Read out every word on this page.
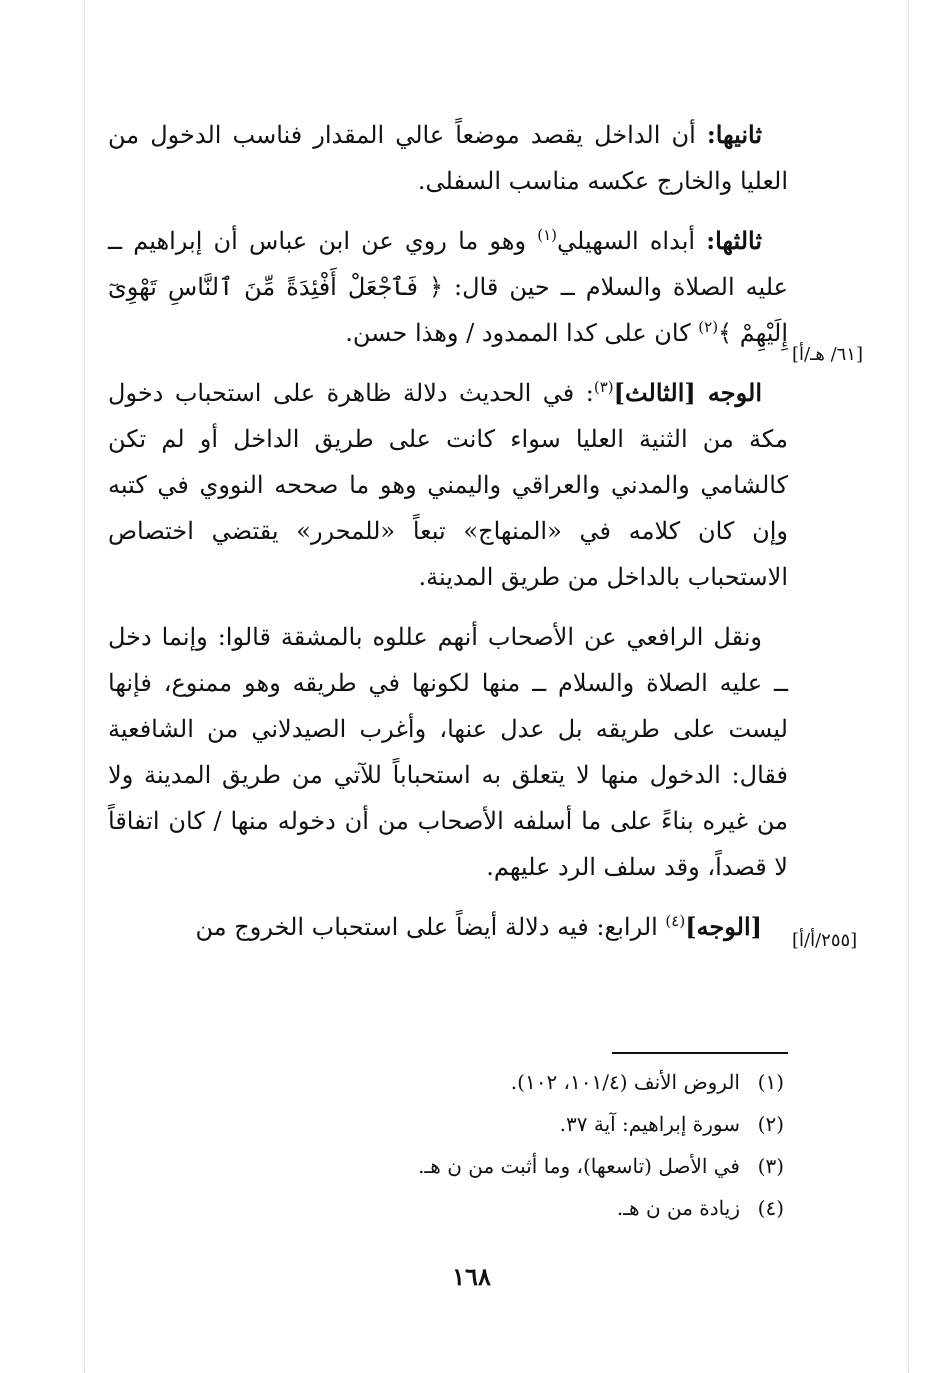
ثانيها: أن الداخل يقصد موضعاً عالي المقدار فناسب الدخول من العليا والخارج عكسه مناسب السفلى.

ثالثها: أبداه السهيلي$^{(١)}$ وهو ما روي عن ابن عباس أن إبراهيم ــ عليه الصلاة والسلام ــ حين قال: ﴿ فَٱجْعَلْ أَفْئِدَةً مِّنَ ٱلنَّاسِ تَهْوِىٓ إِلَيْهِمْ ﴾$^{(٢)}$ كان على كدا الممدود / وهذا حسن.

الوجه [الثالث]$^{(٣)}$: في الحديث دلالة ظاهرة على استحباب دخول مكة من الثنية العليا سواء كانت على طريق الداخل أو لم تكن كالشامي والمدني والعراقي واليمني وهو ما صححه النووي في كتبه وإن كان كلامه في «المنهاج» تبعاً «للمحرر» يقتضي اختصاص الاستحباب بالداخل من طريق المدينة.

ونقل الرافعي عن الأصحاب أنهم عللوه بالمشقة قالوا: وإنما دخل ــ عليه الصلاة والسلام ــ منها لكونها في طريقه وهو ممنوع، فإنها ليست على طريقه بل عدل عنها، وأغرب الصيدلاني من الشافعية فقال: الدخول منها لا يتعلق به استحباباً للآتي من طريق المدينة ولا من غيره بناءً على ما أسلفه الأصحاب من أن دخوله منها / كان اتفاقاً لا قصداً، وقد سلف الرد عليهم.

[الوجه]$^{(٤)}$ الرابع: فيه دلالة أيضاً على استحباب الخروج من

[٦١/ هـ/أ]
[٢٥٥/أ/أ]
(١)الروض الأنف (١٠١/٤، ١٠٢).
(٢)سورة إبراهيم: آية ٣٧.
(٣)في الأصل (تاسعها)، وما أثبت من ن هـ.
(٤)زيادة من ن هـ.
١٦٨
